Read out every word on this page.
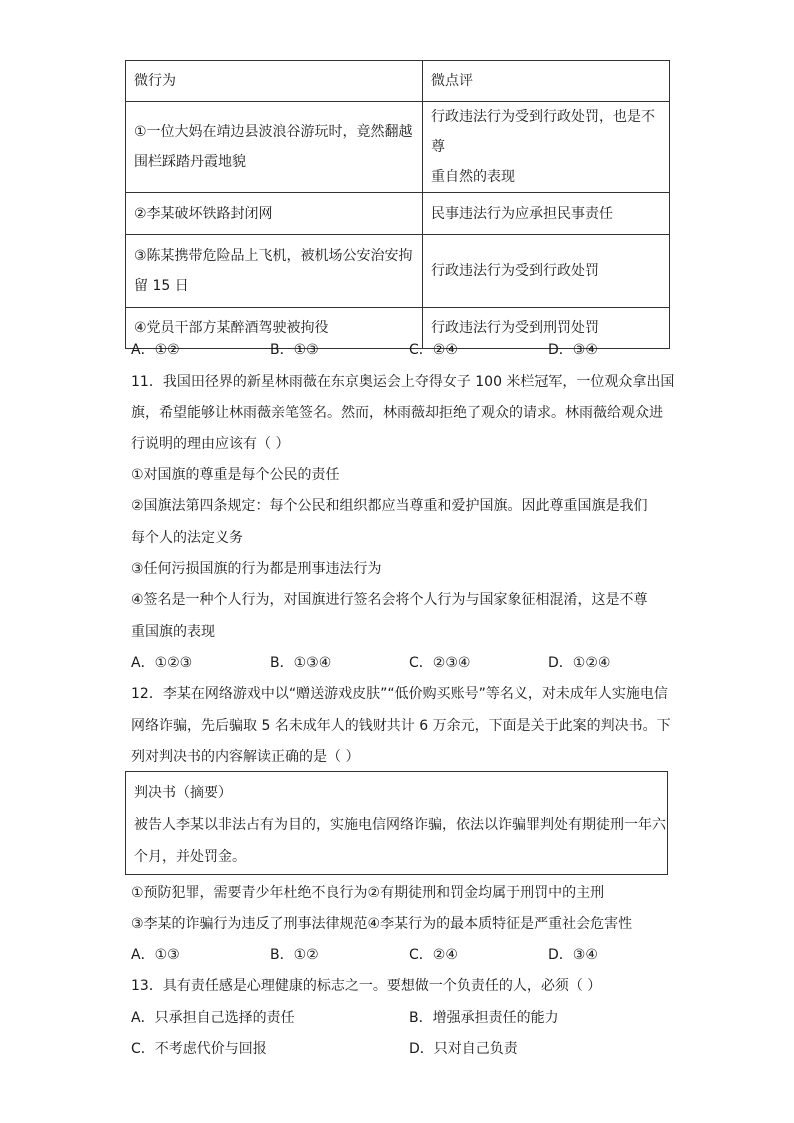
微行为	微点评
①一位大妈在靖边县波浪谷游玩时，竟然翻越
围栏踩踏丹霞地貌	行政违法行为受到行政处罚，也是不尊
重自然的表现
②李某破坏铁路封闭网	民事违法行为应承担民事责任
③陈某携带危险品上飞机，被机场公安治安拘
留 15 日	行政违法行为受到行政处罚
④党员干部方某醉酒驾驶被拘役	行政违法行为受到刑罚处罚
A．①②	B．①③	C．②④	D．③④
11．我国田径界的新星林雨薇在东京奥运会上夺得女子 100 米栏冠军，一位观众拿出国
旗，希望能够让林雨薇亲笔签名。然而，林雨薇却拒绝了观众的请求。林雨薇给观众进
行说明的理由应该有（ ）
①对国旗的尊重是每个公民的责任
②国旗法第四条规定：每个公民和组织都应当尊重和爱护国旗。因此尊重国旗是我们
每个人的法定义务
③任何污损国旗的行为都是刑事违法行为
④签名是一种个人行为，对国旗进行签名会将个人行为与国家象征相混淆，这是不尊
重国旗的表现
A．①②③	B．①③④	C．②③④	D．①②④
12．李某在网络游戏中以“赠送游戏皮肤”“低价购买账号”等名义，对未成年人实施电信
网络诈骗，先后骗取 5 名未成年人的钱财共计 6 万余元，下面是关于此案的判决书。下
列对判决书的内容解读正确的是（ ）
判决书（摘要）
被告人李某以非法占有为目的，实施电信网络诈骗，依法以诈骗罪判处有期徒刑一年六
个月，并处罚金。
①预防犯罪，需要青少年杜绝不良行为②有期徒刑和罚金均属于刑罚中的主刑
③李某的诈骗行为违反了刑事法律规范④李某行为的最本质特征是严重社会危害性
A．①③	B．①②	C．②④	D．③④
13．具有责任感是心理健康的标志之一。要想做一个负责任的人，必须（ ）
A．只承担自己选择的责任	B．增强承担责任的能力
C．不考虑代价与回报	D．只对自己负责
